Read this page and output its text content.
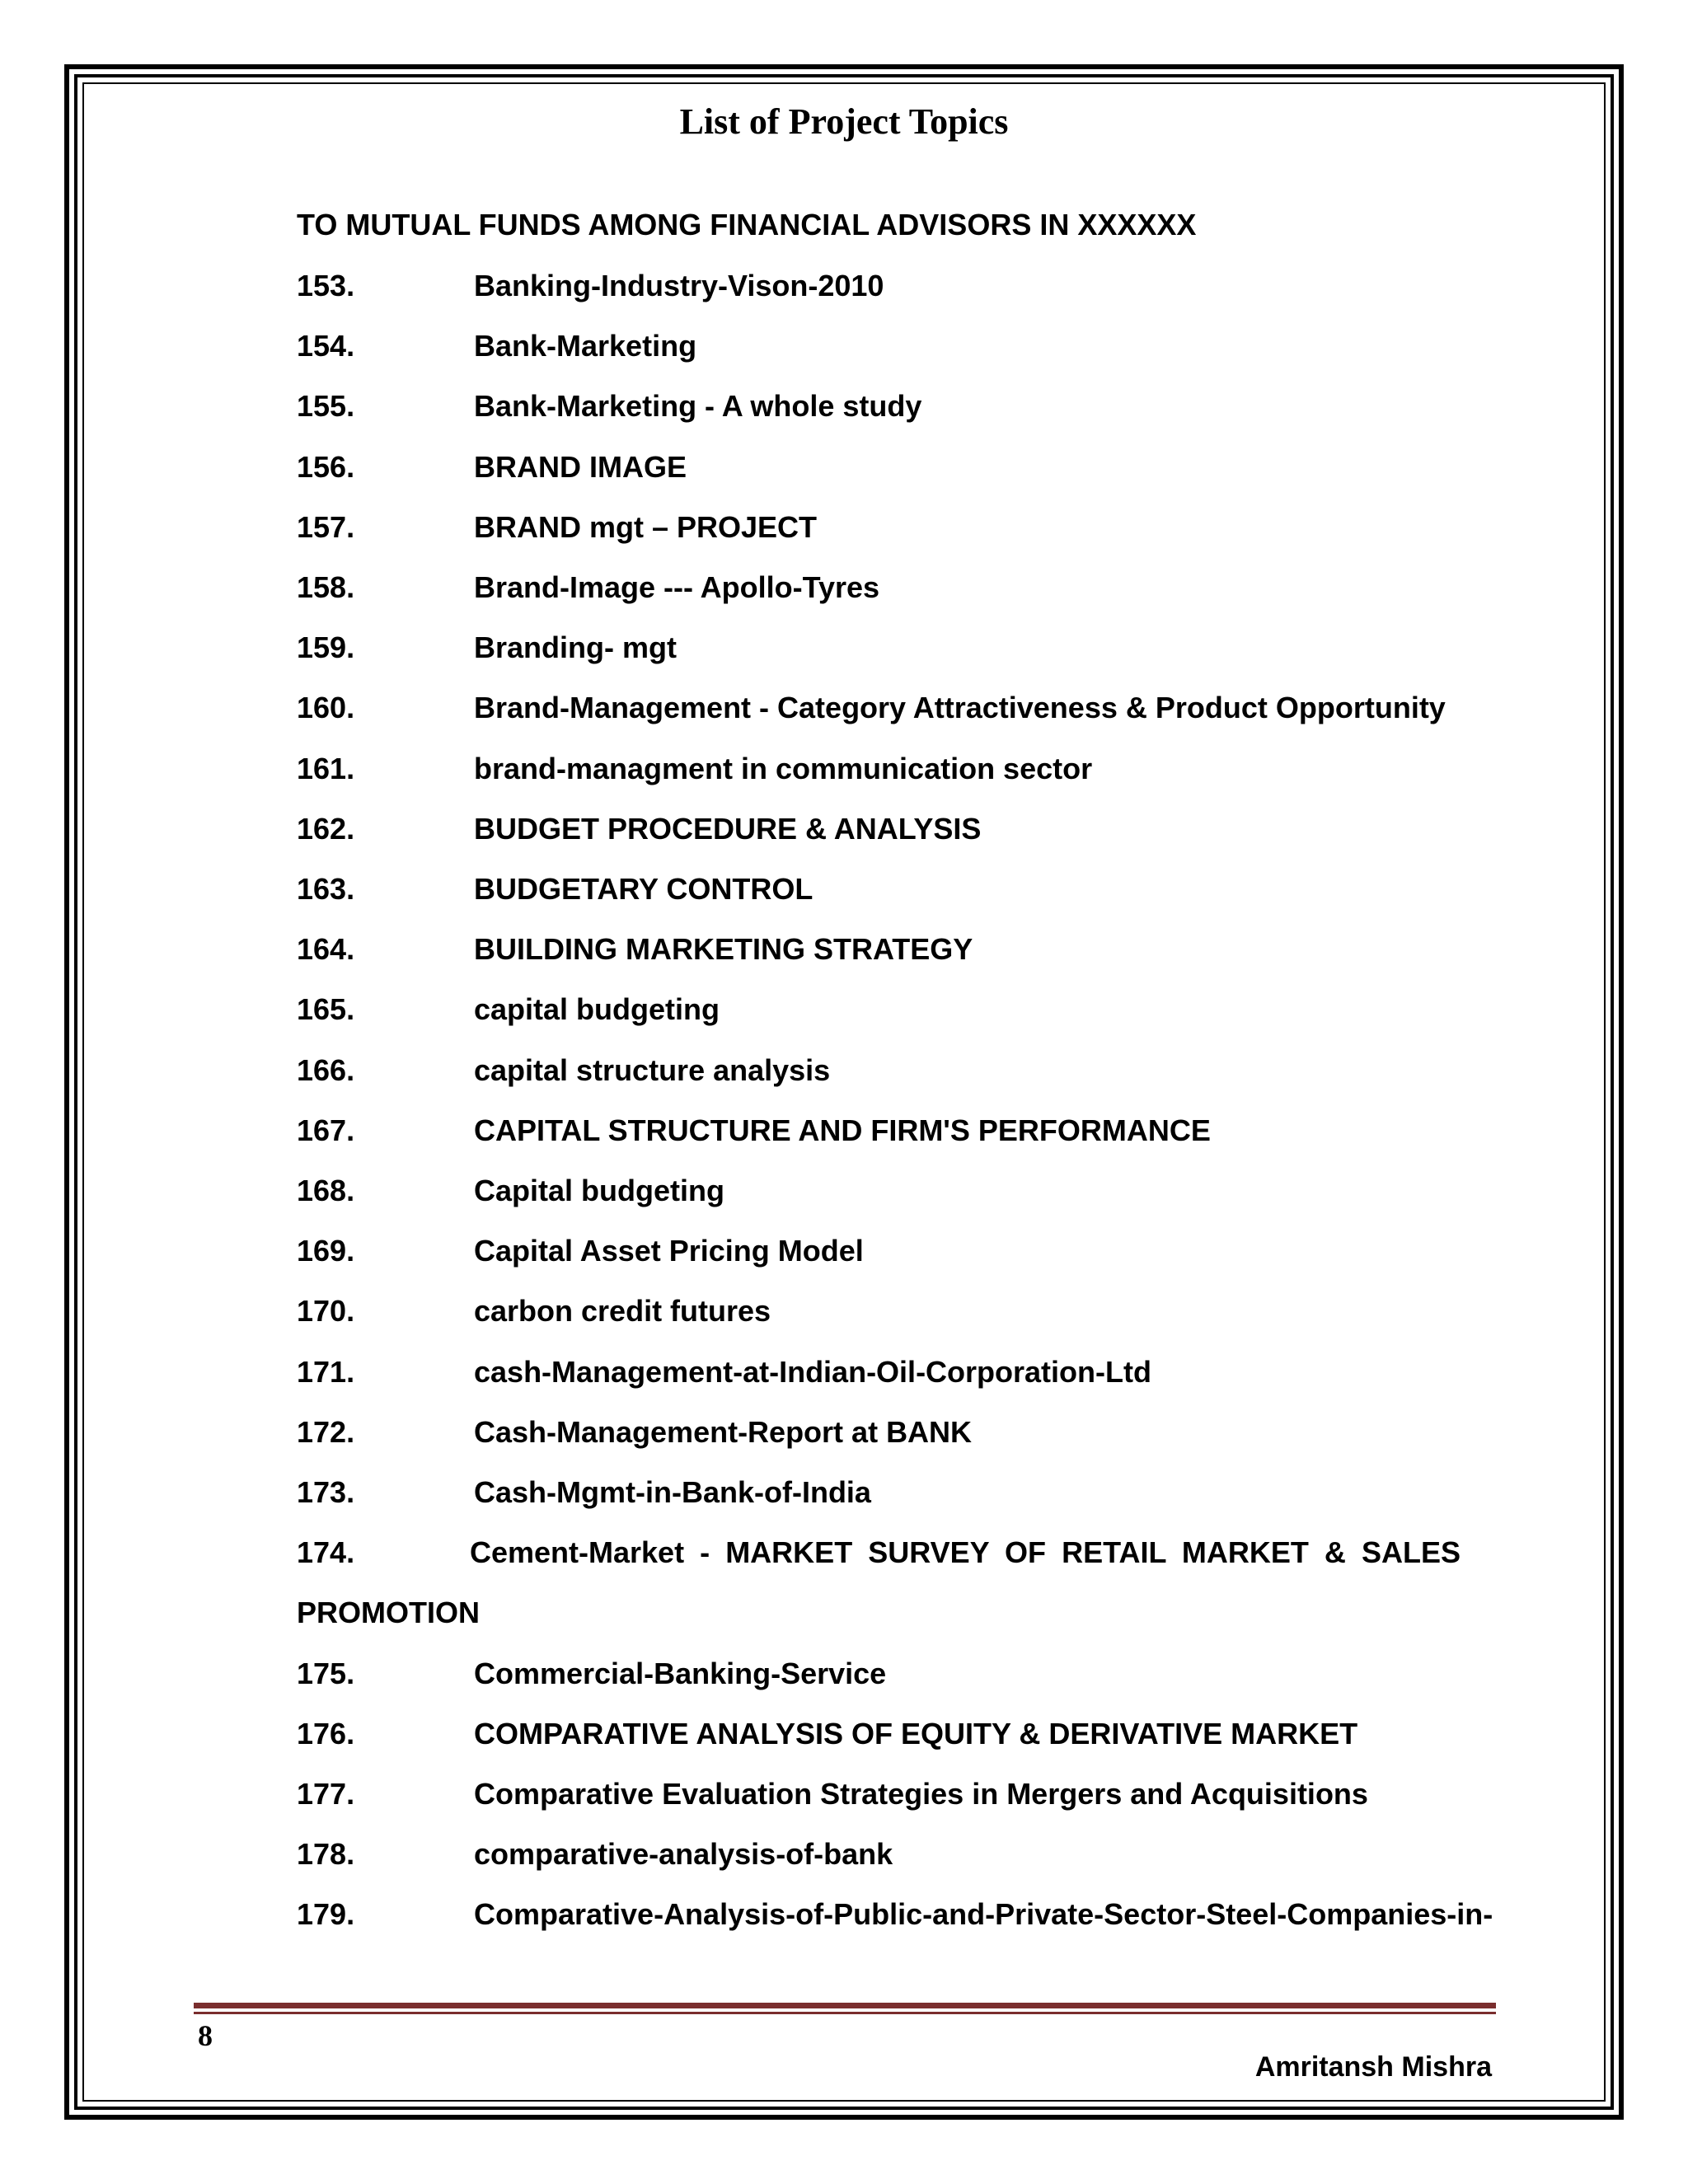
List of Project Topics
TO MUTUAL FUNDS AMONG FINANCIAL ADVISORS IN XXXXXX
153.	Banking-Industry-Vison-2010
154.	Bank-Marketing
155.	Bank-Marketing - A whole study
156.	BRAND IMAGE
157.	BRAND mgt – PROJECT
158.	Brand-Image --- Apollo-Tyres
159.	Branding- mgt
160.	Brand-Management - Category Attractiveness & Product Opportunity
161.	brand-managment in communication sector
162.	BUDGET PROCEDURE & ANALYSIS
163.	BUDGETARY CONTROL
164.	BUILDING MARKETING STRATEGY
165.	capital budgeting
166.	capital structure analysis
167.	CAPITAL STRUCTURE AND FIRM'S PERFORMANCE
168.	Capital budgeting
169.	Capital Asset Pricing Model
170.	carbon credit futures
171.	cash-Management-at-Indian-Oil-Corporation-Ltd
172.	Cash-Management-Report at BANK
173.	Cash-Mgmt-in-Bank-of-India
174.	Cement-Market - MARKET SURVEY OF RETAIL MARKET & SALES
PROMOTION
175.	Commercial-Banking-Service
176.	COMPARATIVE ANALYSIS OF EQUITY & DERIVATIVE MARKET
177.	Comparative Evaluation Strategies in Mergers and Acquisitions
178.	comparative-analysis-of-bank
179.	Comparative-Analysis-of-Public-and-Private-Sector-Steel-Companies-in-
8
Amritansh Mishra
